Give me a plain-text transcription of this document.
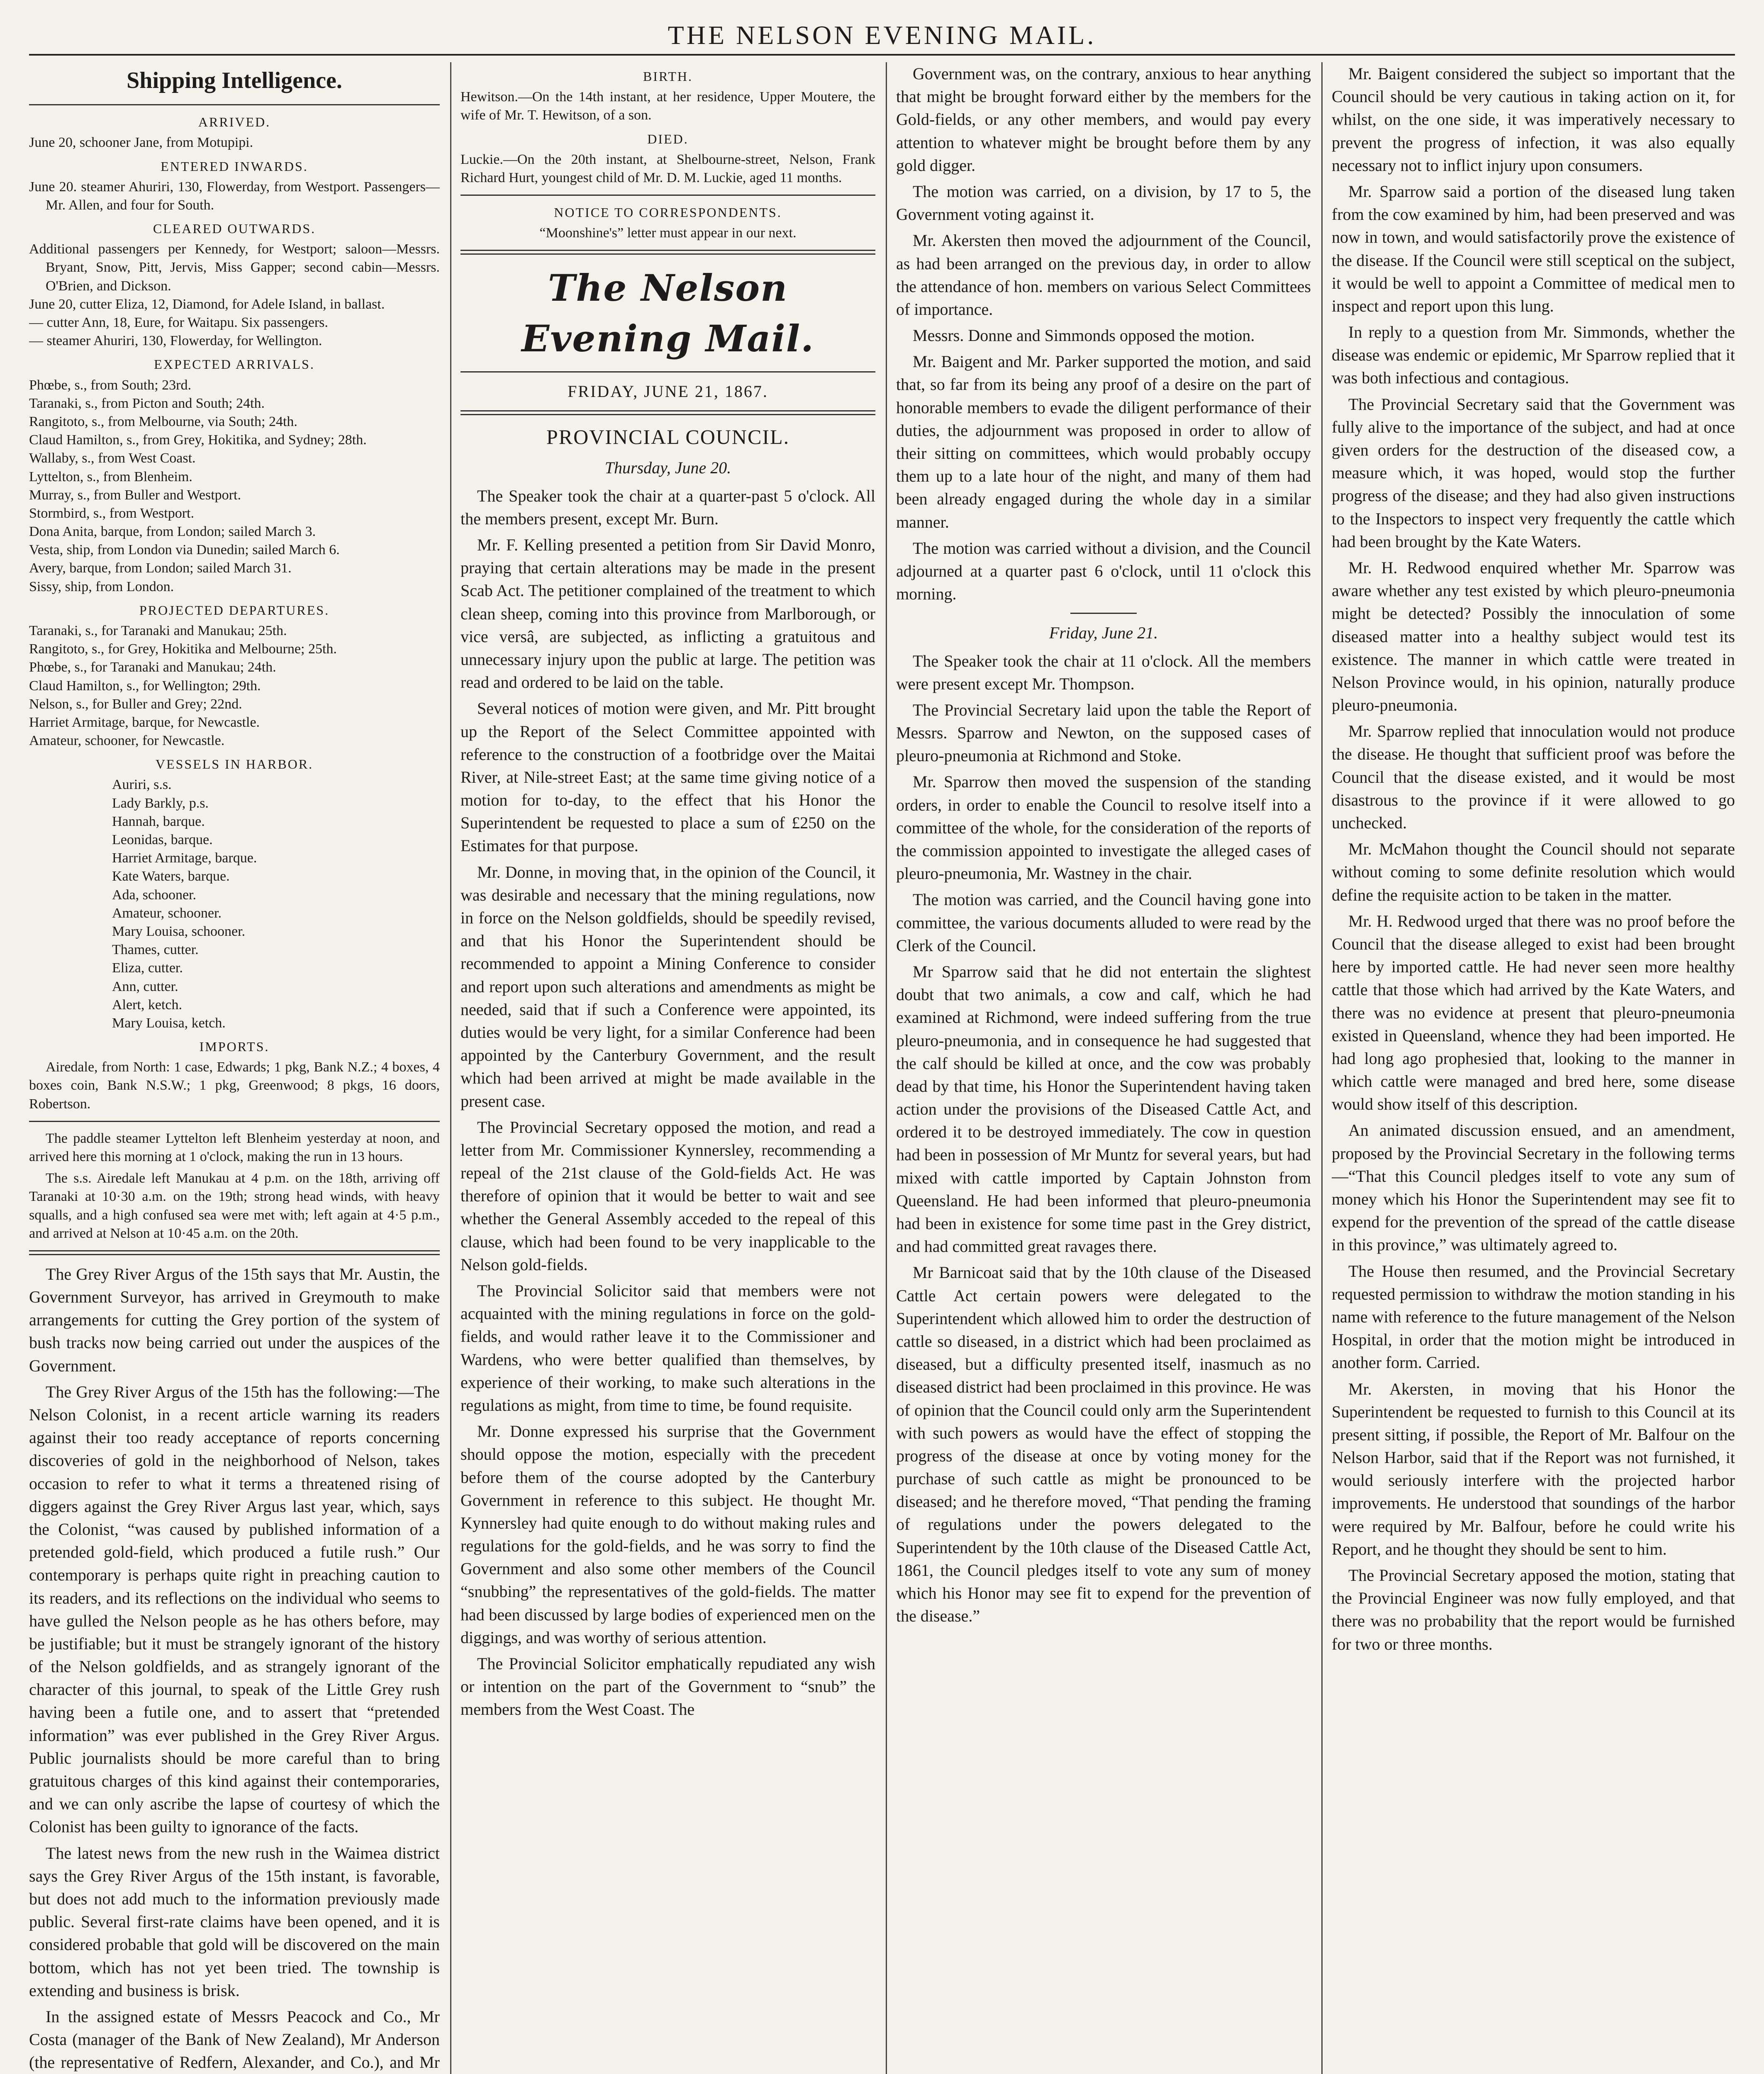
THE NELSON EVENING MAIL.
Shipping Intelligence.
ARRIVED.
June 20, schooner Jane, from Motupipi.
ENTERED INWARDS.
June 20. steamer Ahuriri, 130, Flowerday, from Westport. Passengers—Mr. Allen, and four for South.
CLEARED OUTWARDS.
Additional passengers per Kennedy, for Westport; saloon—Messrs. Bryant, Snow, Pitt, Jervis, Miss Gapper; second cabin—Messrs. O'Brien, and Dickson.
June 20, cutter Eliza, 12, Diamond, for Adele Island, in ballast.
— cutter Ann, 18, Eure, for Waitapu. Six passengers.
— steamer Ahuriri, 130, Flowerday, for Wellington.
EXPECTED ARRIVALS.
Phœbe, s., from South; 23rd.
Taranaki, s., from Picton and South; 24th.
Rangitoto, s., from Melbourne, via South; 24th.
Claud Hamilton, s., from Grey, Hokitika, and Sydney; 28th.
Wallaby, s., from West Coast.
Lyttelton, s., from Blenheim.
Murray, s., from Buller and Westport.
Stormbird, s., from Westport.
Dona Anita, barque, from London; sailed March 3.
Vesta, ship, from London via Dunedin; sailed March 6.
Avery, barque, from London; sailed March 31.
Sissy, ship, from London.
PROJECTED DEPARTURES.
Taranaki, s., for Taranaki and Manukau; 25th.
Rangitoto, s., for Grey, Hokitika and Melbourne; 25th.
Phœbe, s., for Taranaki and Manukau; 24th.
Claud Hamilton, s., for Wellington; 29th.
Nelson, s., for Buller and Grey; 22nd.
Harriet Armitage, barque, for Newcastle.
Amateur, schooner, for Newcastle.
VESSELS IN HARBOR.
Auriri, s.s.
Lady Barkly, p.s.
Hannah, barque.
Leonidas, barque.
Harriet Armitage, barque.
Kate Waters, barque.
Ada, schooner.
Amateur, schooner.
Mary Louisa, schooner.
Thames, cutter.
Eliza, cutter.
Ann, cutter.
Alert, ketch.
Mary Louisa, ketch.
IMPORTS.

Airedale, from North: 1 case, Edwards; 1 pkg, Bank N.Z.; 4 boxes, 4 boxes coin, Bank N.S.W.; 1 pkg, Greenwood; 8 pkgs, 16 doors, Robertson.

The paddle steamer Lyttelton left Blenheim yesterday at noon, and arrived here this morning at 1 o'clock, making the run in 13 hours.

The s.s. Airedale left Manukau at 4 p.m. on the 18th, arriving off Taranaki at 10·30 a.m. on the 19th; strong head winds, with heavy squalls, and a high confused sea were met with; left again at 4·5 p.m., and arrived at Nelson at 10·45 a.m. on the 20th.

The Grey River Argus of the 15th says that Mr. Austin, the Government Surveyor, has arrived in Greymouth to make arrangements for cutting the Grey portion of the system of bush tracks now being carried out under the auspices of the Government.

The Grey River Argus of the 15th has the following:—The Nelson Colonist, in a recent article warning its readers against their too ready acceptance of reports concerning discoveries of gold in the neighborhood of Nelson, takes occasion to refer to what it terms a threatened rising of diggers against the Grey River Argus last year, which, says the Colonist, “was caused by published information of a pretended gold-field, which produced a futile rush.” Our contemporary is perhaps quite right in preaching caution to its readers, and its reflections on the individual who seems to have gulled the Nelson people as he has others before, may be justifiable; but it must be strangely ignorant of the history of the Nelson goldfields, and as strangely ignorant of the character of this journal, to speak of the Little Grey rush having been a futile one, and to assert that “pretended information” was ever published in the Grey River Argus. Public journalists should be more careful than to bring gratuitous charges of this kind against their contemporaries, and we can only ascribe the lapse of courtesy of which the Colonist has been guilty to ignorance of the facts.

The latest news from the new rush in the Waimea district says the Grey River Argus of the 15th instant, is favorable, but does not add much to the information previously made public. Several first-rate claims have been opened, and it is considered probable that gold will be discovered on the main bottom, which has not yet been tried. The township is extending and business is brisk.

In the assigned estate of Messrs Peacock and Co., Mr Costa (manager of the Bank of New Zealand), Mr Anderson (the representative of Redfern, Alexander, and Co.), and Mr

BIRTH.

Hewitson.—On the 14th instant, at her residence, Upper Moutere, the wife of Mr. T. Hewitson, of a son.

DIED.

Luckie.—On the 20th instant, at Shelbourne-street, Nelson, Frank Richard Hurt, youngest child of Mr. D. M. Luckie, aged 11 months.

NOTICE TO CORRESPONDENTS.

“Moonshine's” letter must appear in our next.

The Nelson Evening Mail.
FRIDAY, JUNE 21, 1867.
PROVINCIAL COUNCIL.
Thursday, June 20.

The Speaker took the chair at a quarter-past 5 o'clock. All the members present, except Mr. Burn.

Mr. F. Kelling presented a petition from Sir David Monro, praying that certain alterations may be made in the present Scab Act. The petitioner complained of the treatment to which clean sheep, coming into this province from Marlborough, or vice versâ, are subjected, as inflicting a gratuitous and unnecessary injury upon the public at large. The petition was read and ordered to be laid on the table.

Several notices of motion were given, and Mr. Pitt brought up the Report of the Select Committee appointed with reference to the construction of a footbridge over the Maitai River, at Nile-street East; at the same time giving notice of a motion for to-day, to the effect that his Honor the Superintendent be requested to place a sum of £250 on the Estimates for that purpose.

Mr. Donne, in moving that, in the opinion of the Council, it was desirable and necessary that the mining regulations, now in force on the Nelson goldfields, should be speedily revised, and that his Honor the Superintendent should be recommended to appoint a Mining Conference to consider and report upon such alterations and amendments as might be needed, said that if such a Conference were appointed, its duties would be very light, for a similar Conference had been appointed by the Canterbury Government, and the result which had been arrived at might be made available in the present case.

The Provincial Secretary opposed the motion, and read a letter from Mr. Commissioner Kynnersley, recommending a repeal of the 21st clause of the Gold-fields Act. He was therefore of opinion that it would be better to wait and see whether the General Assembly acceded to the repeal of this clause, which had been found to be very inapplicable to the Nelson gold-fields.

The Provincial Solicitor said that members were not acquainted with the mining regulations in force on the gold-fields, and would rather leave it to the Commissioner and Wardens, who were better qualified than themselves, by experience of their working, to make such alterations in the regulations as might, from time to time, be found requisite.

Mr. Donne expressed his surprise that the Government should oppose the motion, especially with the precedent before them of the course adopted by the Canterbury Government in reference to this subject. He thought Mr. Kynnersley had quite enough to do without making rules and regulations for the gold-fields, and he was sorry to find the Government and also some other members of the Council “snubbing” the representatives of the gold-fields. The matter had been discussed by large bodies of experienced men on the diggings, and was worthy of serious attention.

The Provincial Solicitor emphatically repudiated any wish or intention on the part of the Government to “snub” the members from the West Coast. The

Government was, on the contrary, anxious to hear anything that might be brought forward either by the members for the Gold-fields, or any other members, and would pay every attention to whatever might be brought before them by any gold digger.

The motion was carried, on a division, by 17 to 5, the Government voting against it.

Mr. Akersten then moved the adjournment of the Council, as had been arranged on the previous day, in order to allow the attendance of hon. members on various Select Committees of importance.

Messrs. Donne and Simmonds opposed the motion.

Mr. Baigent and Mr. Parker supported the motion, and said that, so far from its being any proof of a desire on the part of honorable members to evade the diligent performance of their duties, the adjournment was proposed in order to allow of their sitting on committees, which would probably occupy them up to a late hour of the night, and many of them had been already engaged during the whole day in a similar manner.

The motion was carried without a division, and the Council adjourned at a quarter past 6 o'clock, until 11 o'clock this morning.

Friday, June 21.

The Speaker took the chair at 11 o'clock. All the members were present except Mr. Thompson.

The Provincial Secretary laid upon the table the Report of Messrs. Sparrow and Newton, on the supposed cases of pleuro-pneumonia at Richmond and Stoke.

Mr. Sparrow then moved the suspension of the standing orders, in order to enable the Council to resolve itself into a committee of the whole, for the consideration of the reports of the commission appointed to investigate the alleged cases of pleuro-pneumonia, Mr. Wastney in the chair.

The motion was carried, and the Council having gone into committee, the various documents alluded to were read by the Clerk of the Council.

Mr Sparrow said that he did not entertain the slightest doubt that two animals, a cow and calf, which he had examined at Richmond, were indeed suffering from the true pleuro-pneumonia, and in consequence he had suggested that the calf should be killed at once, and the cow was probably dead by that time, his Honor the Superintendent having taken action under the provisions of the Diseased Cattle Act, and ordered it to be destroyed immediately. The cow in question had been in possession of Mr Muntz for several years, but had mixed with cattle imported by Captain Johnston from Queensland. He had been informed that pleuro-pneumonia had been in existence for some time past in the Grey district, and had committed great ravages there.

Mr Barnicoat said that by the 10th clause of the Diseased Cattle Act certain powers were delegated to the Superintendent which allowed him to order the destruction of cattle so diseased, in a district which had been proclaimed as diseased, but a difficulty presented itself, inasmuch as no diseased district had been proclaimed in this province. He was of opinion that the Council could only arm the Superintendent with such powers as would have the effect of stopping the progress of the disease at once by voting money for the purchase of such cattle as might be pronounced to be diseased; and he therefore moved, “That pending the framing of regulations under the powers delegated to the Superintendent by the 10th clause of the Diseased Cattle Act, 1861, the Council pledges itself to vote any sum of money which his Honor may see fit to expend for the prevention of the disease.”

Mr. Baigent considered the subject so important that the Council should be very cautious in taking action on it, for whilst, on the one side, it was imperatively necessary to prevent the progress of infection, it was also equally necessary not to inflict injury upon consumers.

Mr. Sparrow said a portion of the diseased lung taken from the cow examined by him, had been preserved and was now in town, and would satisfactorily prove the existence of the disease. If the Council were still sceptical on the subject, it would be well to appoint a Committee of medical men to inspect and report upon this lung.

In reply to a question from Mr. Simmonds, whether the disease was endemic or epidemic, Mr Sparrow replied that it was both infectious and contagious.

The Provincial Secretary said that the Government was fully alive to the importance of the subject, and had at once given orders for the destruction of the diseased cow, a measure which, it was hoped, would stop the further progress of the disease; and they had also given instructions to the Inspectors to inspect very frequently the cattle which had been brought by the Kate Waters.

Mr. H. Redwood enquired whether Mr. Sparrow was aware whether any test existed by which pleuro-pneumonia might be detected? Possibly the innoculation of some diseased matter into a healthy subject would test its existence. The manner in which cattle were treated in Nelson Province would, in his opinion, naturally produce pleuro-pneumonia.

Mr. Sparrow replied that innoculation would not produce the disease. He thought that sufficient proof was before the Council that the disease existed, and it would be most disastrous to the province if it were allowed to go unchecked.

Mr. McMahon thought the Council should not separate without coming to some definite resolution which would define the requisite action to be taken in the matter.

Mr. H. Redwood urged that there was no proof before the Council that the disease alleged to exist had been brought here by imported cattle. He had never seen more healthy cattle that those which had arrived by the Kate Waters, and there was no evidence at present that pleuro-pneumonia existed in Queensland, whence they had been imported. He had long ago prophesied that, looking to the manner in which cattle were managed and bred here, some disease would show itself of this description.

An animated discussion ensued, and an amendment, proposed by the Provincial Secretary in the following terms—“That this Council pledges itself to vote any sum of money which his Honor the Superintendent may see fit to expend for the prevention of the spread of the cattle disease in this province,” was ultimately agreed to.

The House then resumed, and the Provincial Secretary requested permission to withdraw the motion standing in his name with reference to the future management of the Nelson Hospital, in order that the motion might be introduced in another form. Carried.

Mr. Akersten, in moving that his Honor the Superintendent be requested to furnish to this Council at its present sitting, if possible, the Report of Mr. Balfour on the Nelson Harbor, said that if the Report was not furnished, it would seriously interfere with the projected harbor improvements. He understood that soundings of the harbor were required by Mr. Balfour, before he could write his Report, and he thought they should be sent to him.

The Provincial Secretary apposed the motion, stating that the Provincial Engineer was now fully employed, and that there was no probability that the report would be furnished for two or three months.
